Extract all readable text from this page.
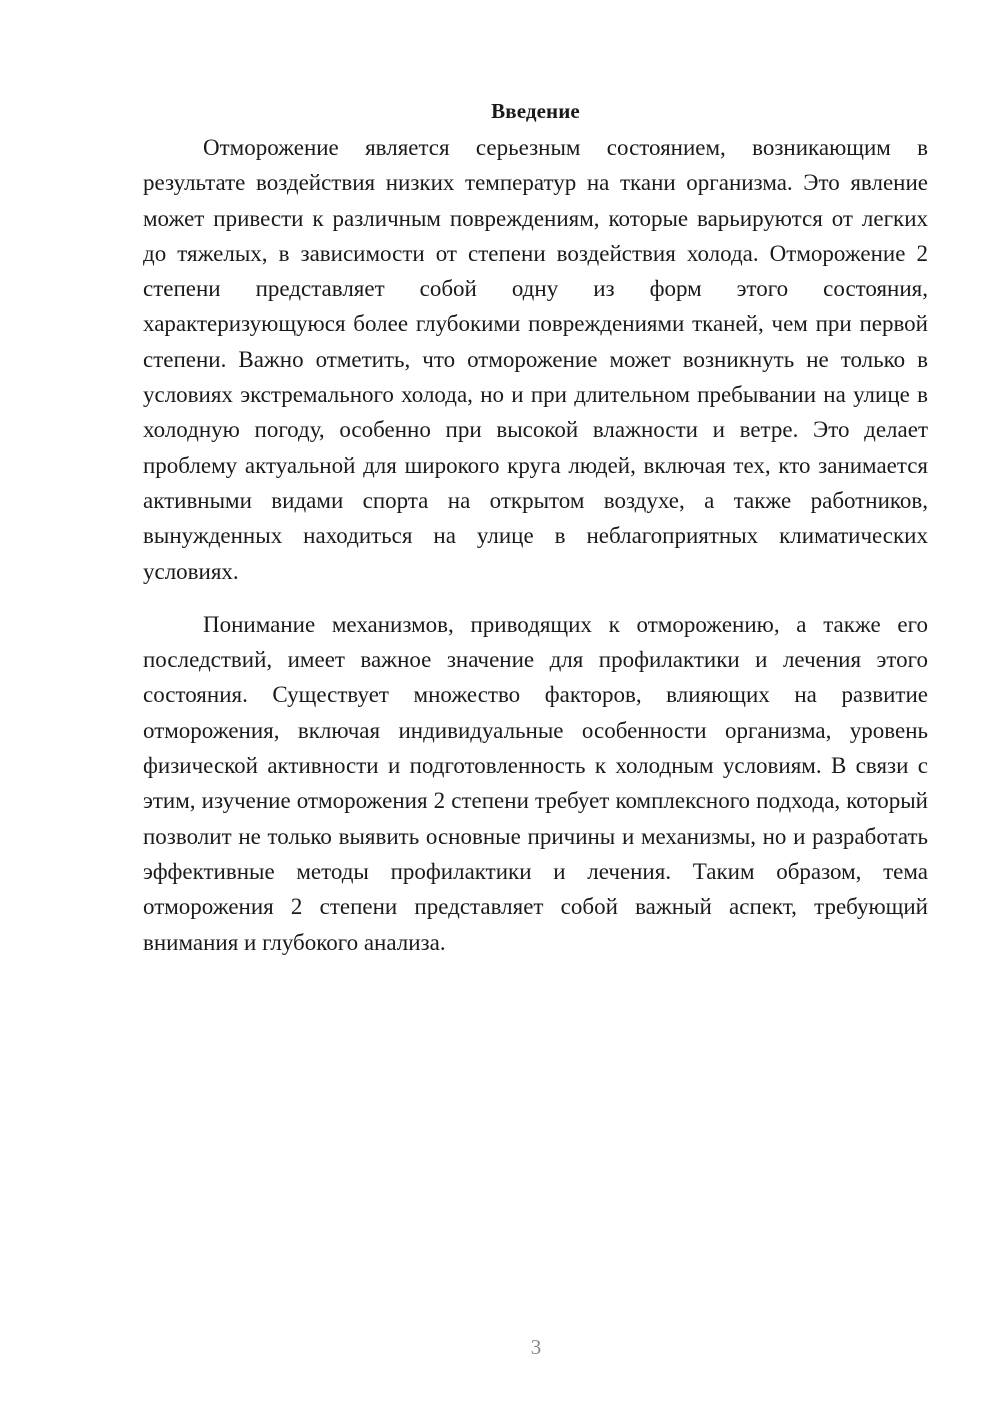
Введение

Отморожение является серьезным состоянием, возникающим в результате воздействия низких температур на ткани организма. Это явление может привести к различным повреждениям, которые варьируются от легких до тяжелых, в зависимости от степени воздействия холода. Отморожение 2 степени представляет собой одну из форм этого состояния, характеризующуюся более глубокими повреждениями тканей, чем при первой степени. Важно отметить, что отморожение может возникнуть не только в условиях экстремального холода, но и при длительном пребывании на улице в холодную погоду, особенно при высокой влажности и ветре. Это делает проблему актуальной для широкого круга людей, включая тех, кто занимается активными видами спорта на открытом воздухе, а также работников, вынужденных находиться на улице в неблагоприятных климатических условиях.

Понимание механизмов, приводящих к отморожению, а также его последствий, имеет важное значение для профилактики и лечения этого состояния. Существует множество факторов, влияющих на развитие отморожения, включая индивидуальные особенности организма, уровень физической активности и подготовленность к холодным условиям. В связи с этим, изучение отморожения 2 степени требует комплексного подхода, который позволит не только выявить основные причины и механизмы, но и разработать эффективные методы профилактики и лечения. Таким образом, тема отморожения 2 степени представляет собой важный аспект, требующий внимания и глубокого анализа.

3
